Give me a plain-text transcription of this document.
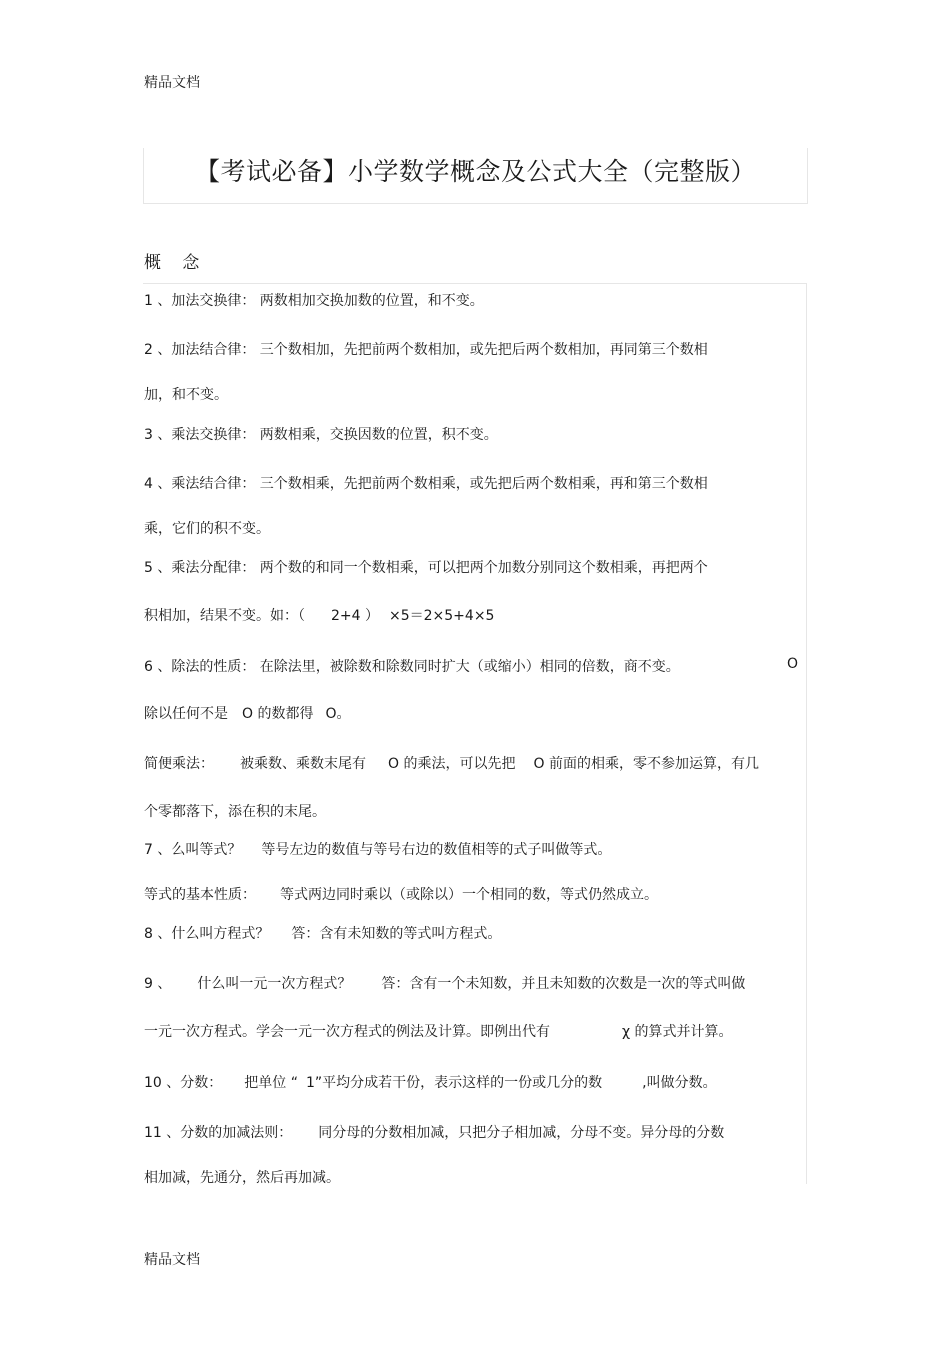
精品文档
【考试必备】小学数学概念及公式大全（完整版）
概 念
1 、加法交换律： 两数相加交换加数的位置，和不变。
2 、加法结合律： 三个数相加，先把前两个数相加，或先把后两个数相加，再同第三个数相
加，和不变。
3 、乘法交换律： 两数相乘，交换因数的位置，积不变。
4 、乘法结合律： 三个数相乘，先把前两个数相乘，或先把后两个数相乘，再和第三个数相
乘，它们的积不变。
5 、乘法分配律： 两个数的和同一个数相乘，可以把两个加数分别同这个数相乘，再把两个
积相加，结果不变。如：（ 2+4 ） ×5＝2×5+4×5
6 、除法的性质： 在除法里，被除数和除数同时扩大（或缩小）相同的倍数，商不变。	O
除以任何不是 O 的数都得 O。
简便乘法： 被乘数、乘数末尾有 O 的乘法，可以先把 O 前面的相乘，零不参加运算，有几
个零都落下，添在积的末尾。
7 、么叫等式？ 等号左边的数值与等号右边的数值相等的式子叫做等式。
等式的基本性质： 等式两边同时乘以（或除以）一个相同的数，等式仍然成立。
8 、什么叫方程式？ 答：含有未知数的等式叫方程式。
9 、 什么叫一元一次方程式？ 答：含有一个未知数，并且未知数的次数是一次的等式叫做
一元一次方程式。学会一元一次方程式的例法及计算。即例出代有	χ 的算式并计算。
10 、分数： 把单位 “ 1”平均分成若干份，表示这样的一份或几分的数	,叫做分数。
11 、分数的加减法则： 同分母的分数相加减，只把分子相加减，分母不变。异分母的分数
相加减，先通分，然后再加减。
精品文档
